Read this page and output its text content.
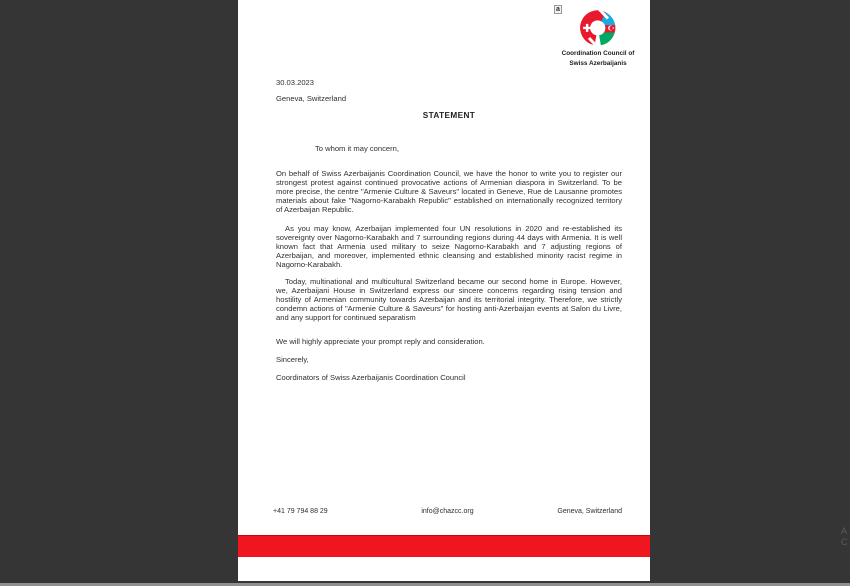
a
Coordination Council of
Swiss Azerbaijanis
30.03.2023
Geneva, Switzerland
STATEMENT
To whom it may concern,

On behalf of Swiss Azerbaijanis Coordination Council, we have the honor to write you to register our strongest protest against continued provocative actions of Armenian diaspora in Switzerland. To be more precise, the centre "Armenie Culture & Saveurs" located in Geneve, Rue de Lausanne promotes materials about fake "Nagorno-Karabakh Republic" established on internationally recognized territory of Azerbaijan Republic.

As you may know, Azerbaijan implemented four UN resolutions in 2020 and re-established its sovereignty over Nagorno-Karabakh and 7 surrounding regions during 44 days with Armenia. It is well known fact that Armenia used military to seize Nagorno-Karabakh and 7 adjusting regions of Azerbaijan, and moreover, implemented ethnic cleansing and established minority racist regime in Nagorno-Karabakh.

Today, multinational and multicultural Switzerland became our second home in Europe. However, we, Azerbaijani House in Switzerland express our sincere concerns regarding rising tension and hostility of Armenian community towards Azerbaijan and its territorial integrity. Therefore, we strictly condemn actions of "Armenie Culture & Saveurs" for hosting anti-Azerbaijan events at Salon du Livre, and any support for continued separatism

We will highly appreciate your prompt reply and consideration.
Sincerely,
Coordinators of Swiss Azerbaijanis Coordination Council
+41 79 794 88 29	info@chazcc.org	Geneva, Switzerland
A
C
